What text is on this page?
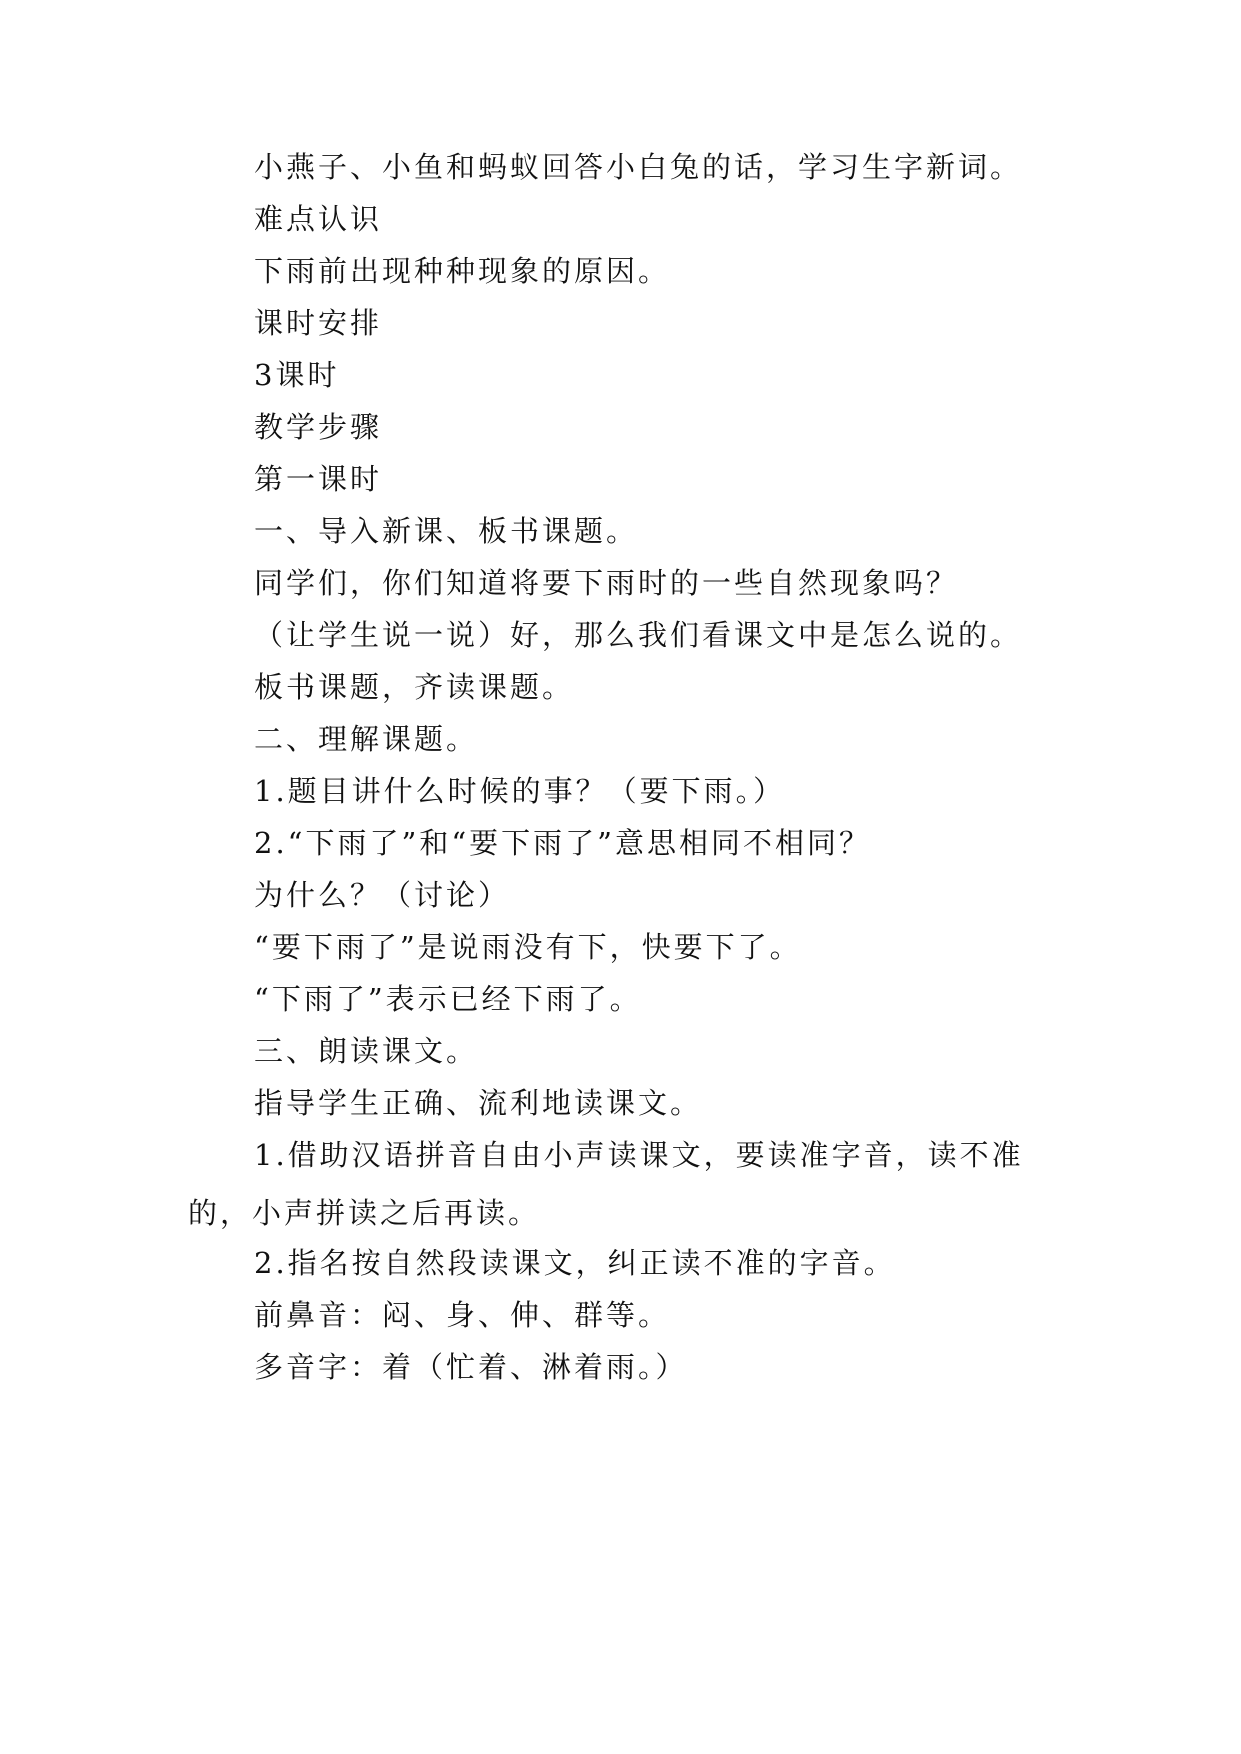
小燕子、小鱼和蚂蚁回答小白兔的话，学习生字新词。

难点认识

下雨前出现种种现象的原因。

课时安排

3课时

教学步骤

第一课时

一、导入新课、板书课题。

同学们，你们知道将要下雨时的一些自然现象吗？

（让学生说一说）好，那么我们看课文中是怎么说的。

板书课题，齐读课题。

二、理解课题。

1.题目讲什么时候的事？（要下雨。）

2.“下雨了”和“要下雨了”意思相同不相同？

为什么？（讨论）

“要下雨了”是说雨没有下，快要下了。

“下雨了”表示已经下雨了。

三、朗读课文。

指导学生正确、流利地读课文。

1.借助汉语拼音自由小声读课文，要读准字音，读不准的，小声拼读之后再读。

2.指名按自然段读课文，纠正读不准的字音。

前鼻音：闷、身、伸、群等。

多音字：着（忙着、淋着雨。）
